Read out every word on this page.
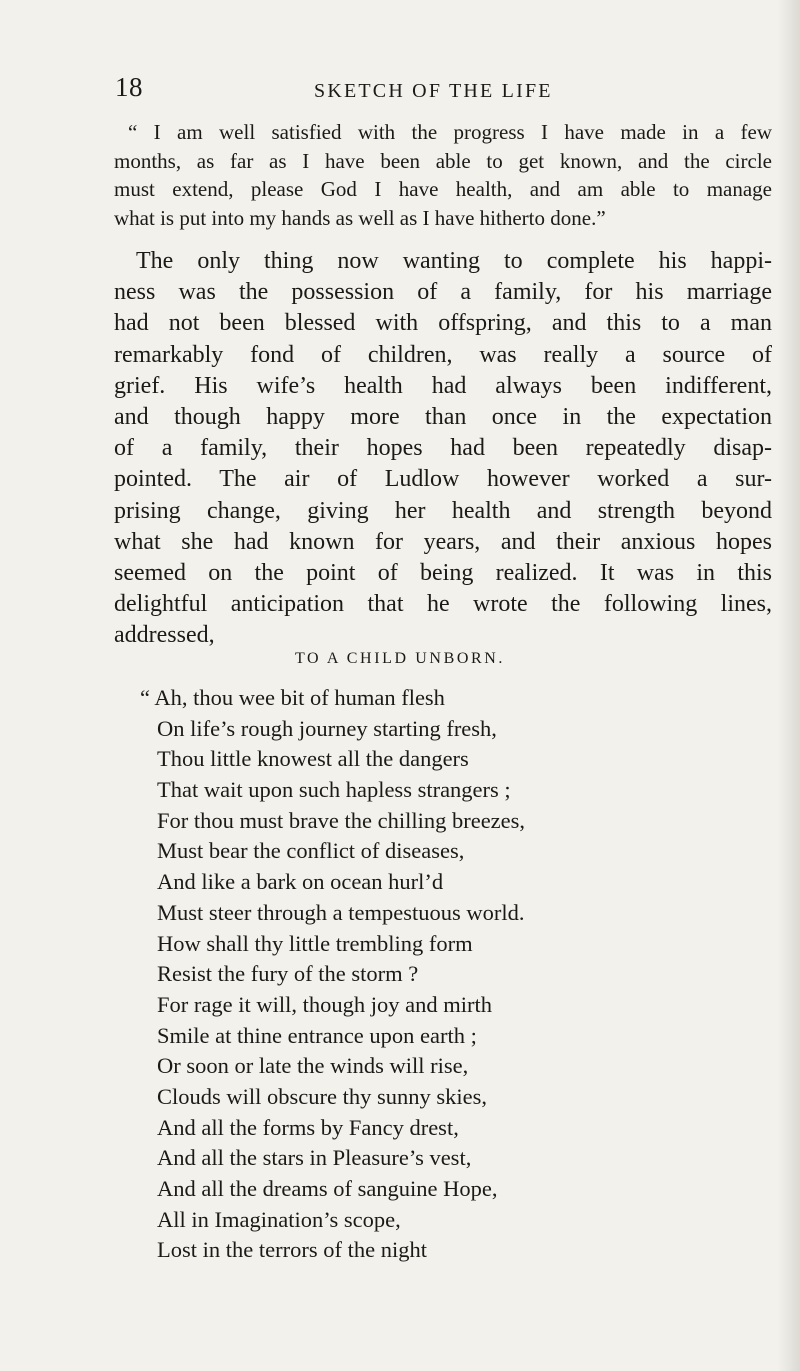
18	SKETCH OF THE LIFE
“ I am well satisfied with the progress I have made in a few
months, as far as I have been able to get known, and the circle
must extend, please God I have health, and am able to manage
what is put into my hands as well as I have hitherto done.”
The only thing now wanting to complete his happi-
ness was the possession of a family, for his marriage
had not been blessed with offspring, and this to a man
remarkably fond of children, was really a source of
grief. His wife’s health had always been indifferent,
and though happy more than once in the expectation
of a family, their hopes had been repeatedly disap-
pointed. The air of Ludlow however worked a sur-
prising change, giving her health and strength beyond
what she had known for years, and their anxious hopes
seemed on the point of being realized. It was in this
delightful anticipation that he wrote the following lines,
addressed,
TO A CHILD UNBORN.
“ Ah, thou wee bit of human flesh
On life’s rough journey starting fresh,
Thou little knowest all the dangers
That wait upon such hapless strangers ;
For thou must brave the chilling breezes,
Must bear the conflict of diseases,
And like a bark on ocean hurl’d
Must steer through a tempestuous world.
How shall thy little trembling form
Resist the fury of the storm ?
For rage it will, though joy and mirth
Smile at thine entrance upon earth ;
Or soon or late the winds will rise,
Clouds will obscure thy sunny skies,
And all the forms by Fancy drest,
And all the stars in Pleasure’s vest,
And all the dreams of sanguine Hope,
All in Imagination’s scope,
Lost in the terrors of the night
